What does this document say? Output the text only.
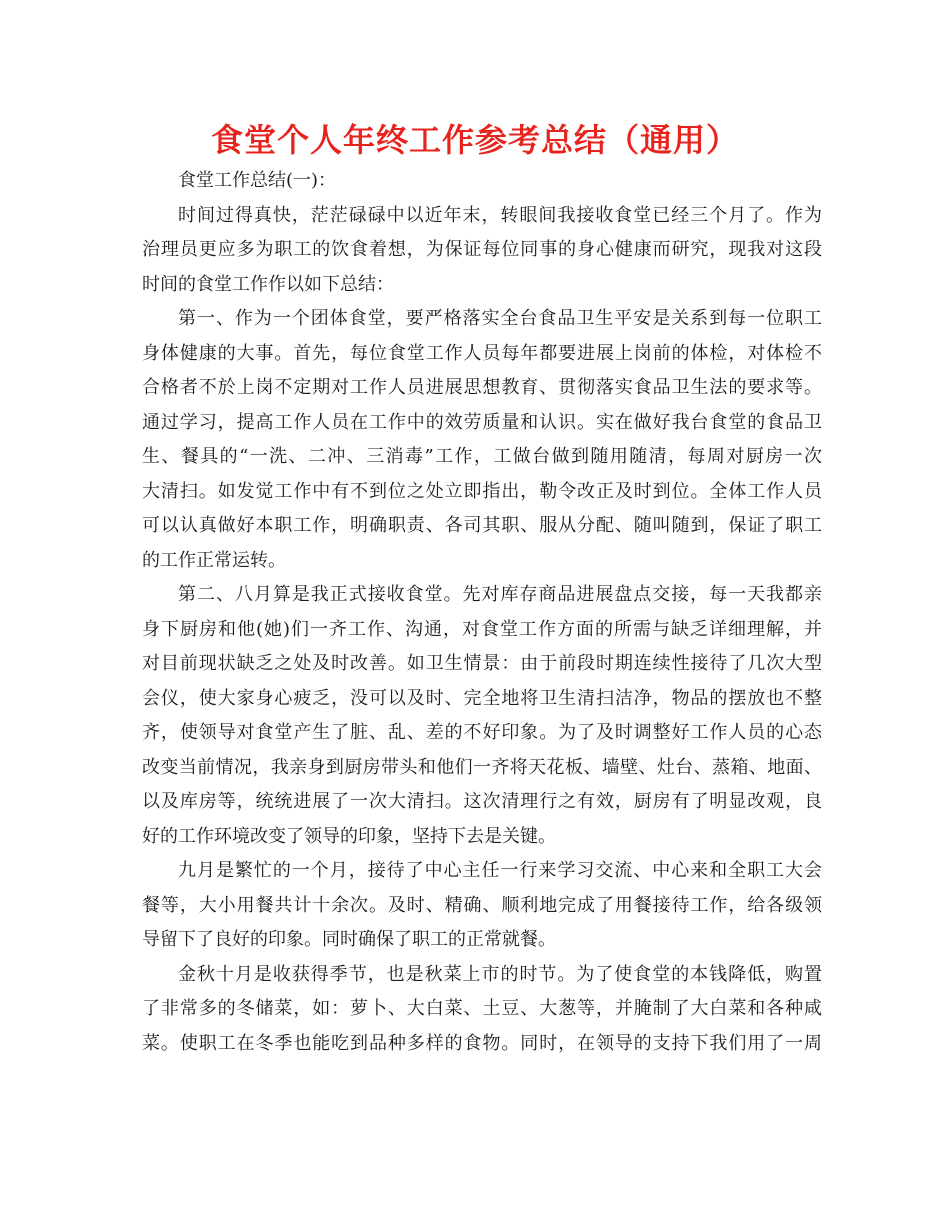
食堂个人年终工作参考总结（通用）
食堂工作总结(一)：
时间过得真快，茫茫碌碌中以近年末，转眼间我接收食堂已经三个月了。作为
治理员更应多为职工的饮食着想，为保证每位同事的身心健康而研究，现我对这段
时间的食堂工作作以如下总结：
第一、作为一个团体食堂，要严格落实全台食品卫生平安是关系到每一位职工
身体健康的大事。首先，每位食堂工作人员每年都要进展上岗前的体检，对体检不
合格者不於上岗不定期对工作人员进展思想教育、贯彻落实食品卫生法的要求等。
通过学习，提高工作人员在工作中的效劳质量和认识。实在做好我台食堂的食品卫
生、餐具的“一洗、二冲、三消毒”工作，工做台做到随用随清，每周对厨房一次
大清扫。如发觉工作中有不到位之处立即指出，勒令改正及时到位。全体工作人员
可以认真做好本职工作，明确职责、各司其职、服从分配、随叫随到，保证了职工
的工作正常运转。
第二、八月算是我正式接收食堂。先对库存商品进展盘点交接，每一天我都亲
身下厨房和他(她)们一齐工作、沟通，对食堂工作方面的所需与缺乏详细理解，并
对目前现状缺乏之处及时改善。如卫生情景：由于前段时期连续性接待了几次大型
会仪，使大家身心疲乏，没可以及时、完全地将卫生清扫洁净，物品的摆放也不整
齐，使领导对食堂产生了脏、乱、差的不好印象。为了及时调整好工作人员的心态
改变当前情况，我亲身到厨房带头和他们一齐将天花板、墙壁、灶台、蒸箱、地面、
以及库房等，统统进展了一次大清扫。这次清理行之有效，厨房有了明显改观，良
好的工作环境改变了领导的印象，坚持下去是关键。
九月是繁忙的一个月，接待了中心主任一行来学习交流、中心来和全职工大会
餐等，大小用餐共计十余次。及时、精确、顺利地完成了用餐接待工作，给各级领
导留下了良好的印象。同时确保了职工的正常就餐。
金秋十月是收获得季节，也是秋菜上市的时节。为了使食堂的本钱降低，购置
了非常多的冬储菜，如：萝卜、大白菜、土豆、大葱等，并腌制了大白菜和各种咸
菜。使职工在冬季也能吃到品种多样的食物。同时，在领导的支持下我们用了一周
